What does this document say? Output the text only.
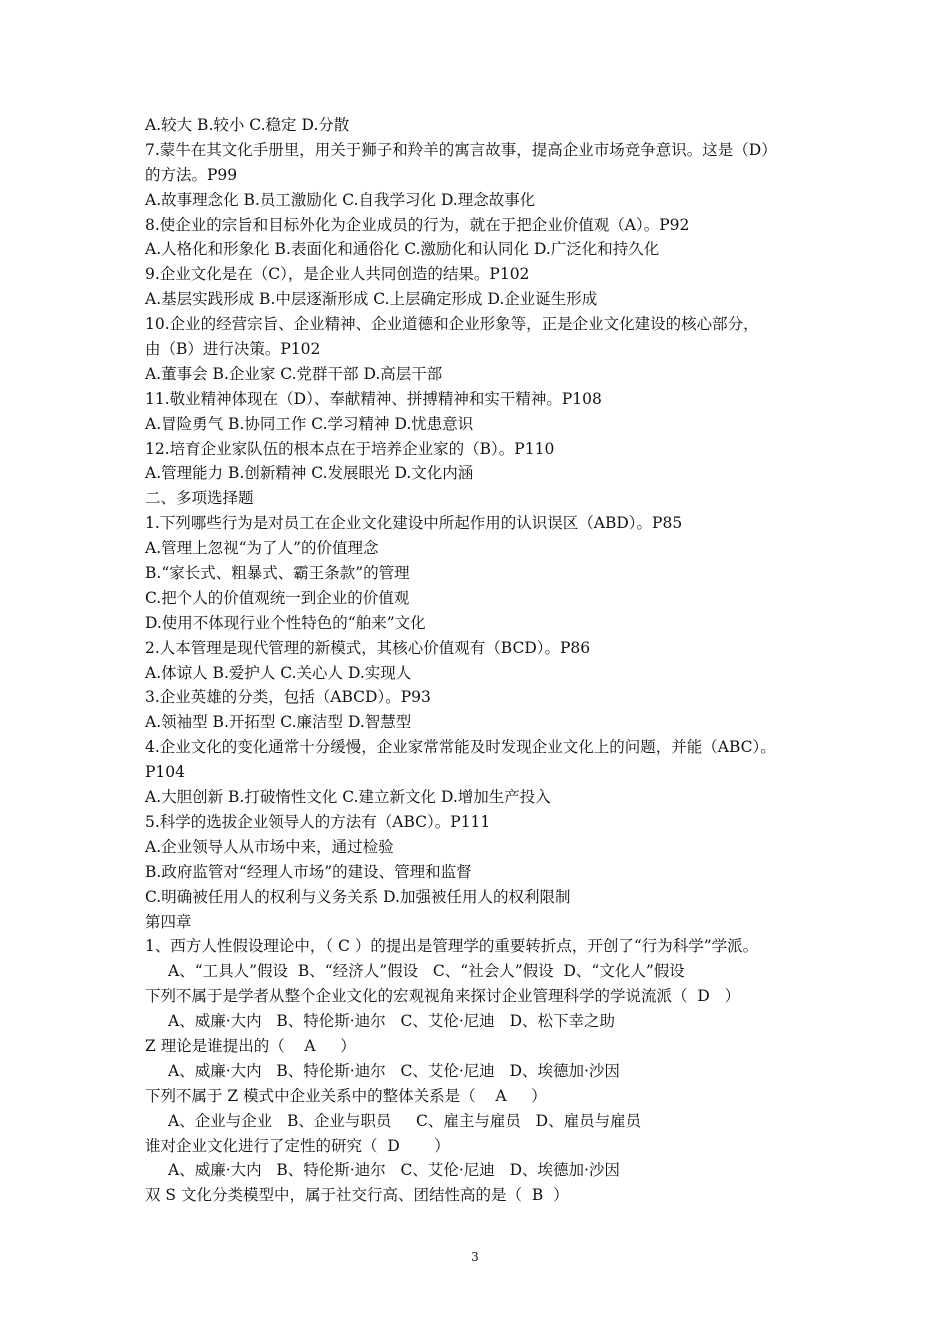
A.较大 B.较小 C.稳定 D.分散
7.蒙牛在其文化手册里，用关于狮子和羚羊的寓言故事，提高企业市场竞争意识。这是（D）
的方法。P99
A.故事理念化 B.员工激励化 C.自我学习化 D.理念故事化
8.使企业的宗旨和目标外化为企业成员的行为，就在于把企业价值观（A）。P92
A.人格化和形象化 B.表面化和通俗化 C.激励化和认同化 D.广泛化和持久化
9.企业文化是在（C），是企业人共同创造的结果。P102
A.基层实践形成 B.中层逐渐形成 C.上层确定形成 D.企业诞生形成
10.企业的经营宗旨、企业精神、企业道德和企业形象等，正是企业文化建设的核心部分，
由（B）进行决策。P102
A.董事会 B.企业家 C.党群干部 D.高层干部
11.敬业精神体现在（D）、奉献精神、拼搏精神和实干精神。P108
A.冒险勇气 B.协同工作 C.学习精神 D.忧患意识
12.培育企业家队伍的根本点在于培养企业家的（B）。P110
A.管理能力 B.创新精神 C.发展眼光 D.文化内涵
二、多项选择题
1.下列哪些行为是对员工在企业文化建设中所起作用的认识误区（ABD）。P85
A.管理上忽视“为了人”的价值理念
B.“家长式、粗暴式、霸王条款”的管理
C.把个人的价值观统一到企业的价值观
D.使用不体现行业个性特色的“舶来”文化
2.人本管理是现代管理的新模式，其核心价值观有（BCD）。P86
A.体谅人 B.爱护人 C.关心人 D.实现人
3.企业英雄的分类，包括（ABCD）。P93
A.领袖型 B.开拓型 C.廉洁型 D.智慧型
4.企业文化的变化通常十分缓慢，企业家常常能及时发现企业文化上的问题，并能（ABC）。
P104
A.大胆创新 B.打破惰性文化 C.建立新文化 D.增加生产投入
5.科学的选拔企业领导人的方法有（ABC）。P111
A.企业领导人从市场中来，通过检验
B.政府监管对“经理人市场”的建设、管理和监督
C.明确被任用人的权利与义务关系 D.加强被任用人的权利限制
第四章
1、西方人性假设理论中，（ C ）的提出是管理学的重要转折点，开创了“行为科学”学派。
A、“工具人”假设  B、“经济人”假设   C、“社会人”假设  D、“文化人”假设
下列不属于是学者从整个企业文化的宏观视角来探讨企业管理科学的学说流派（  D   ）
A、威廉·大内   B、特伦斯·迪尔   C、艾伦·尼迪   D、松下幸之助
Z 理论是谁提出的（    A     ）
A、威廉·大内   B、特伦斯·迪尔   C、艾伦·尼迪   D、埃德加·沙因
下列不属于 Z 模式中企业关系中的整体关系是（    A     ）
A、企业与企业   B、企业与职员     C、雇主与雇员   D、雇员与雇员
谁对企业文化进行了定性的研究（  D       ）
A、威廉·大内   B、特伦斯·迪尔   C、艾伦·尼迪   D、埃德加·沙因
双 S 文化分类模型中，属于社交行高、团结性高的是（  B  ）
3
